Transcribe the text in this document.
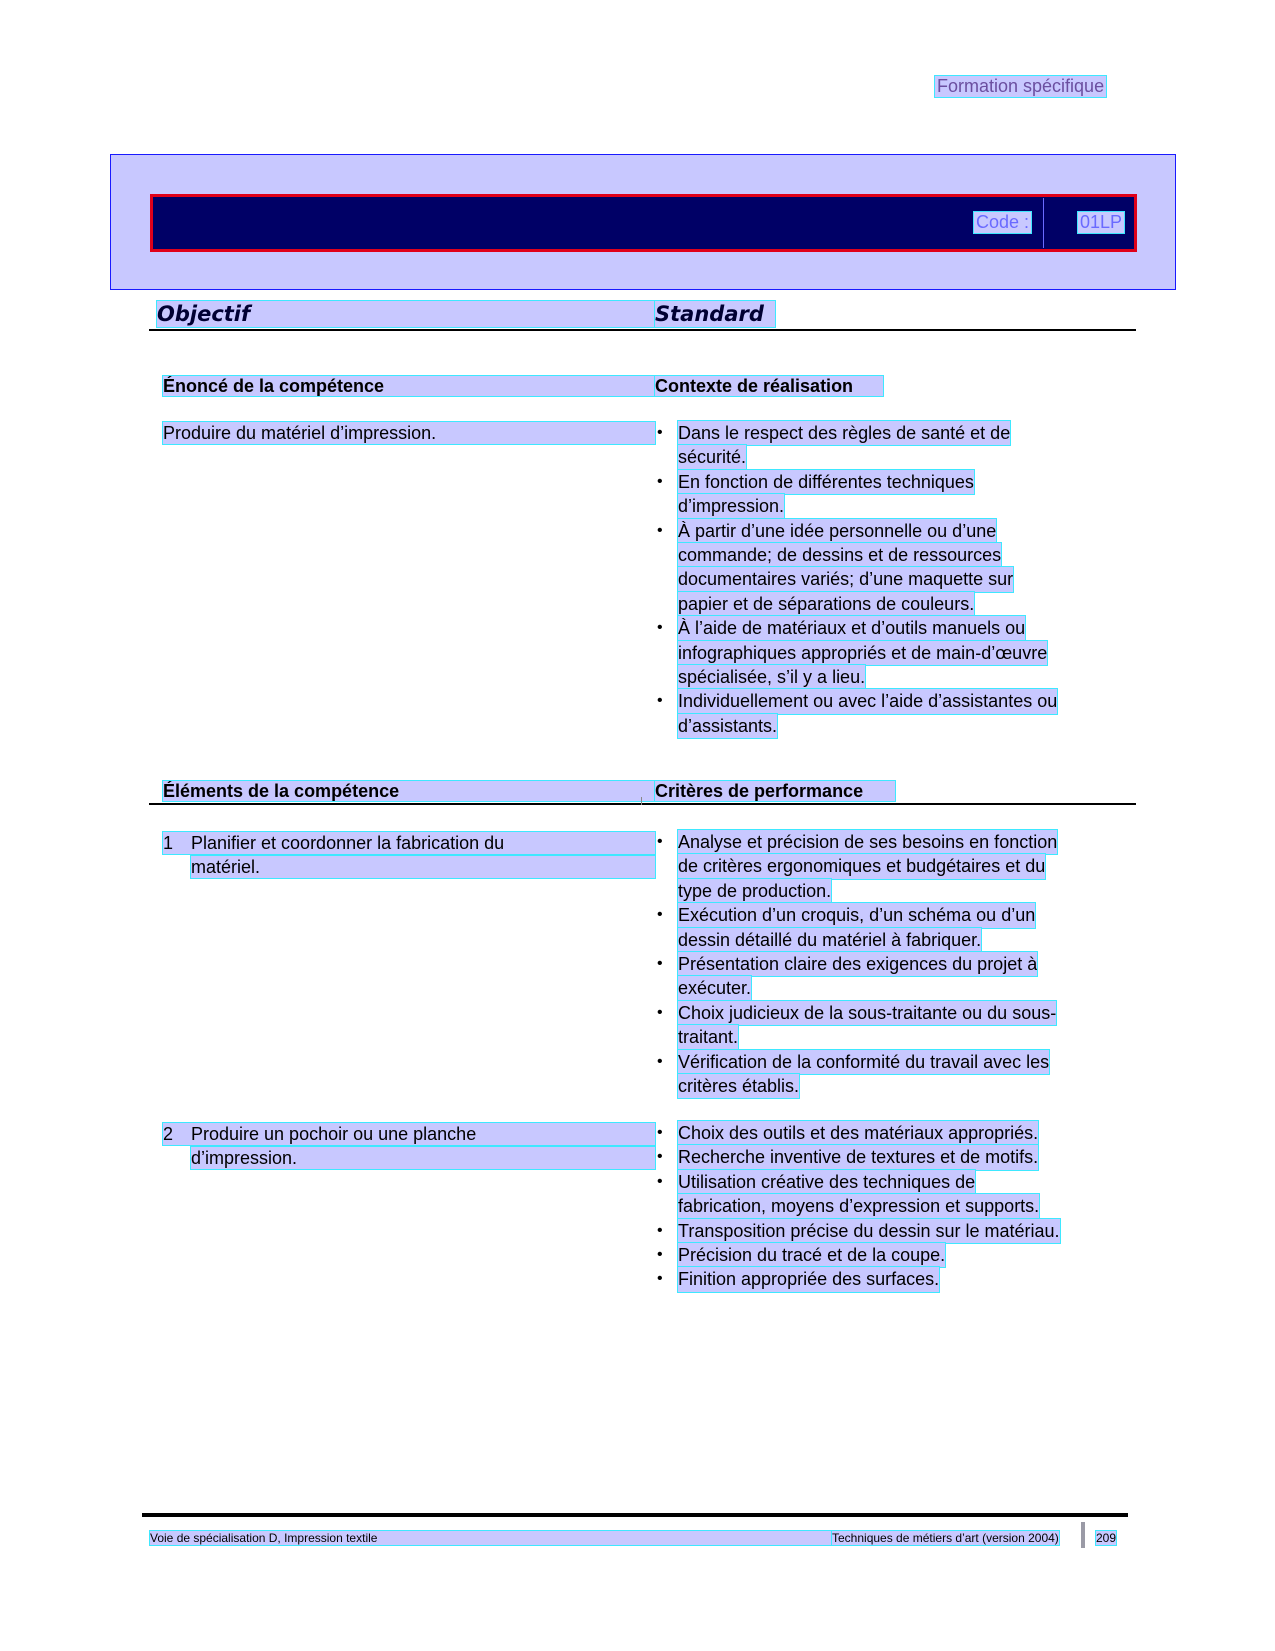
Formation spécifique
Code :	01LP
Objectif	Standard
Énoncé de la compétence	Contexte de réalisation
Produire du matériel d’impression.
•	Dans le respect des règles de santé et de
sécurité.
• En fonction de différentes techniques
d’impression.
• À partir d’une idée personnelle ou d’une
commande; de dessins et de ressources
documentaires variés; d’une maquette sur
papier et de séparations de couleurs.
• À l’aide de matériaux et d’outils manuels ou
infographiques appropriés et de main-d’œuvre
spécialisée, s’il y a lieu.
• Individuellement ou avec l’aide d’assistantes ou
d’assistants.
Éléments de la compétence	Critères de performance
1 Planifier et coordonner la fabrication du
matériel.
• Analyse et précision de ses besoins en fonction
de critères ergonomiques et budgétaires et du
type de production.
• Exécution d’un croquis, d’un schéma ou d’un
dessin détaillé du matériel à fabriquer.
• Présentation claire des exigences du projet à
exécuter.
• Choix judicieux de la sous-traitante ou du sous-
traitant.
• Vérification de la conformité du travail avec les
critères établis.
2 Produire un pochoir ou une planche
d’impression.
• Choix des outils et des matériaux appropriés.
• Recherche inventive de textures et de motifs.
• Utilisation créative des techniques de
fabrication, moyens d’expression et supports.
• Transposition précise du dessin sur le matériau.
• Précision du tracé et de la coupe.
• Finition appropriée des surfaces.
Voie de spécialisation D, Impression textile	Techniques de métiers d’art (version 2004)	209
